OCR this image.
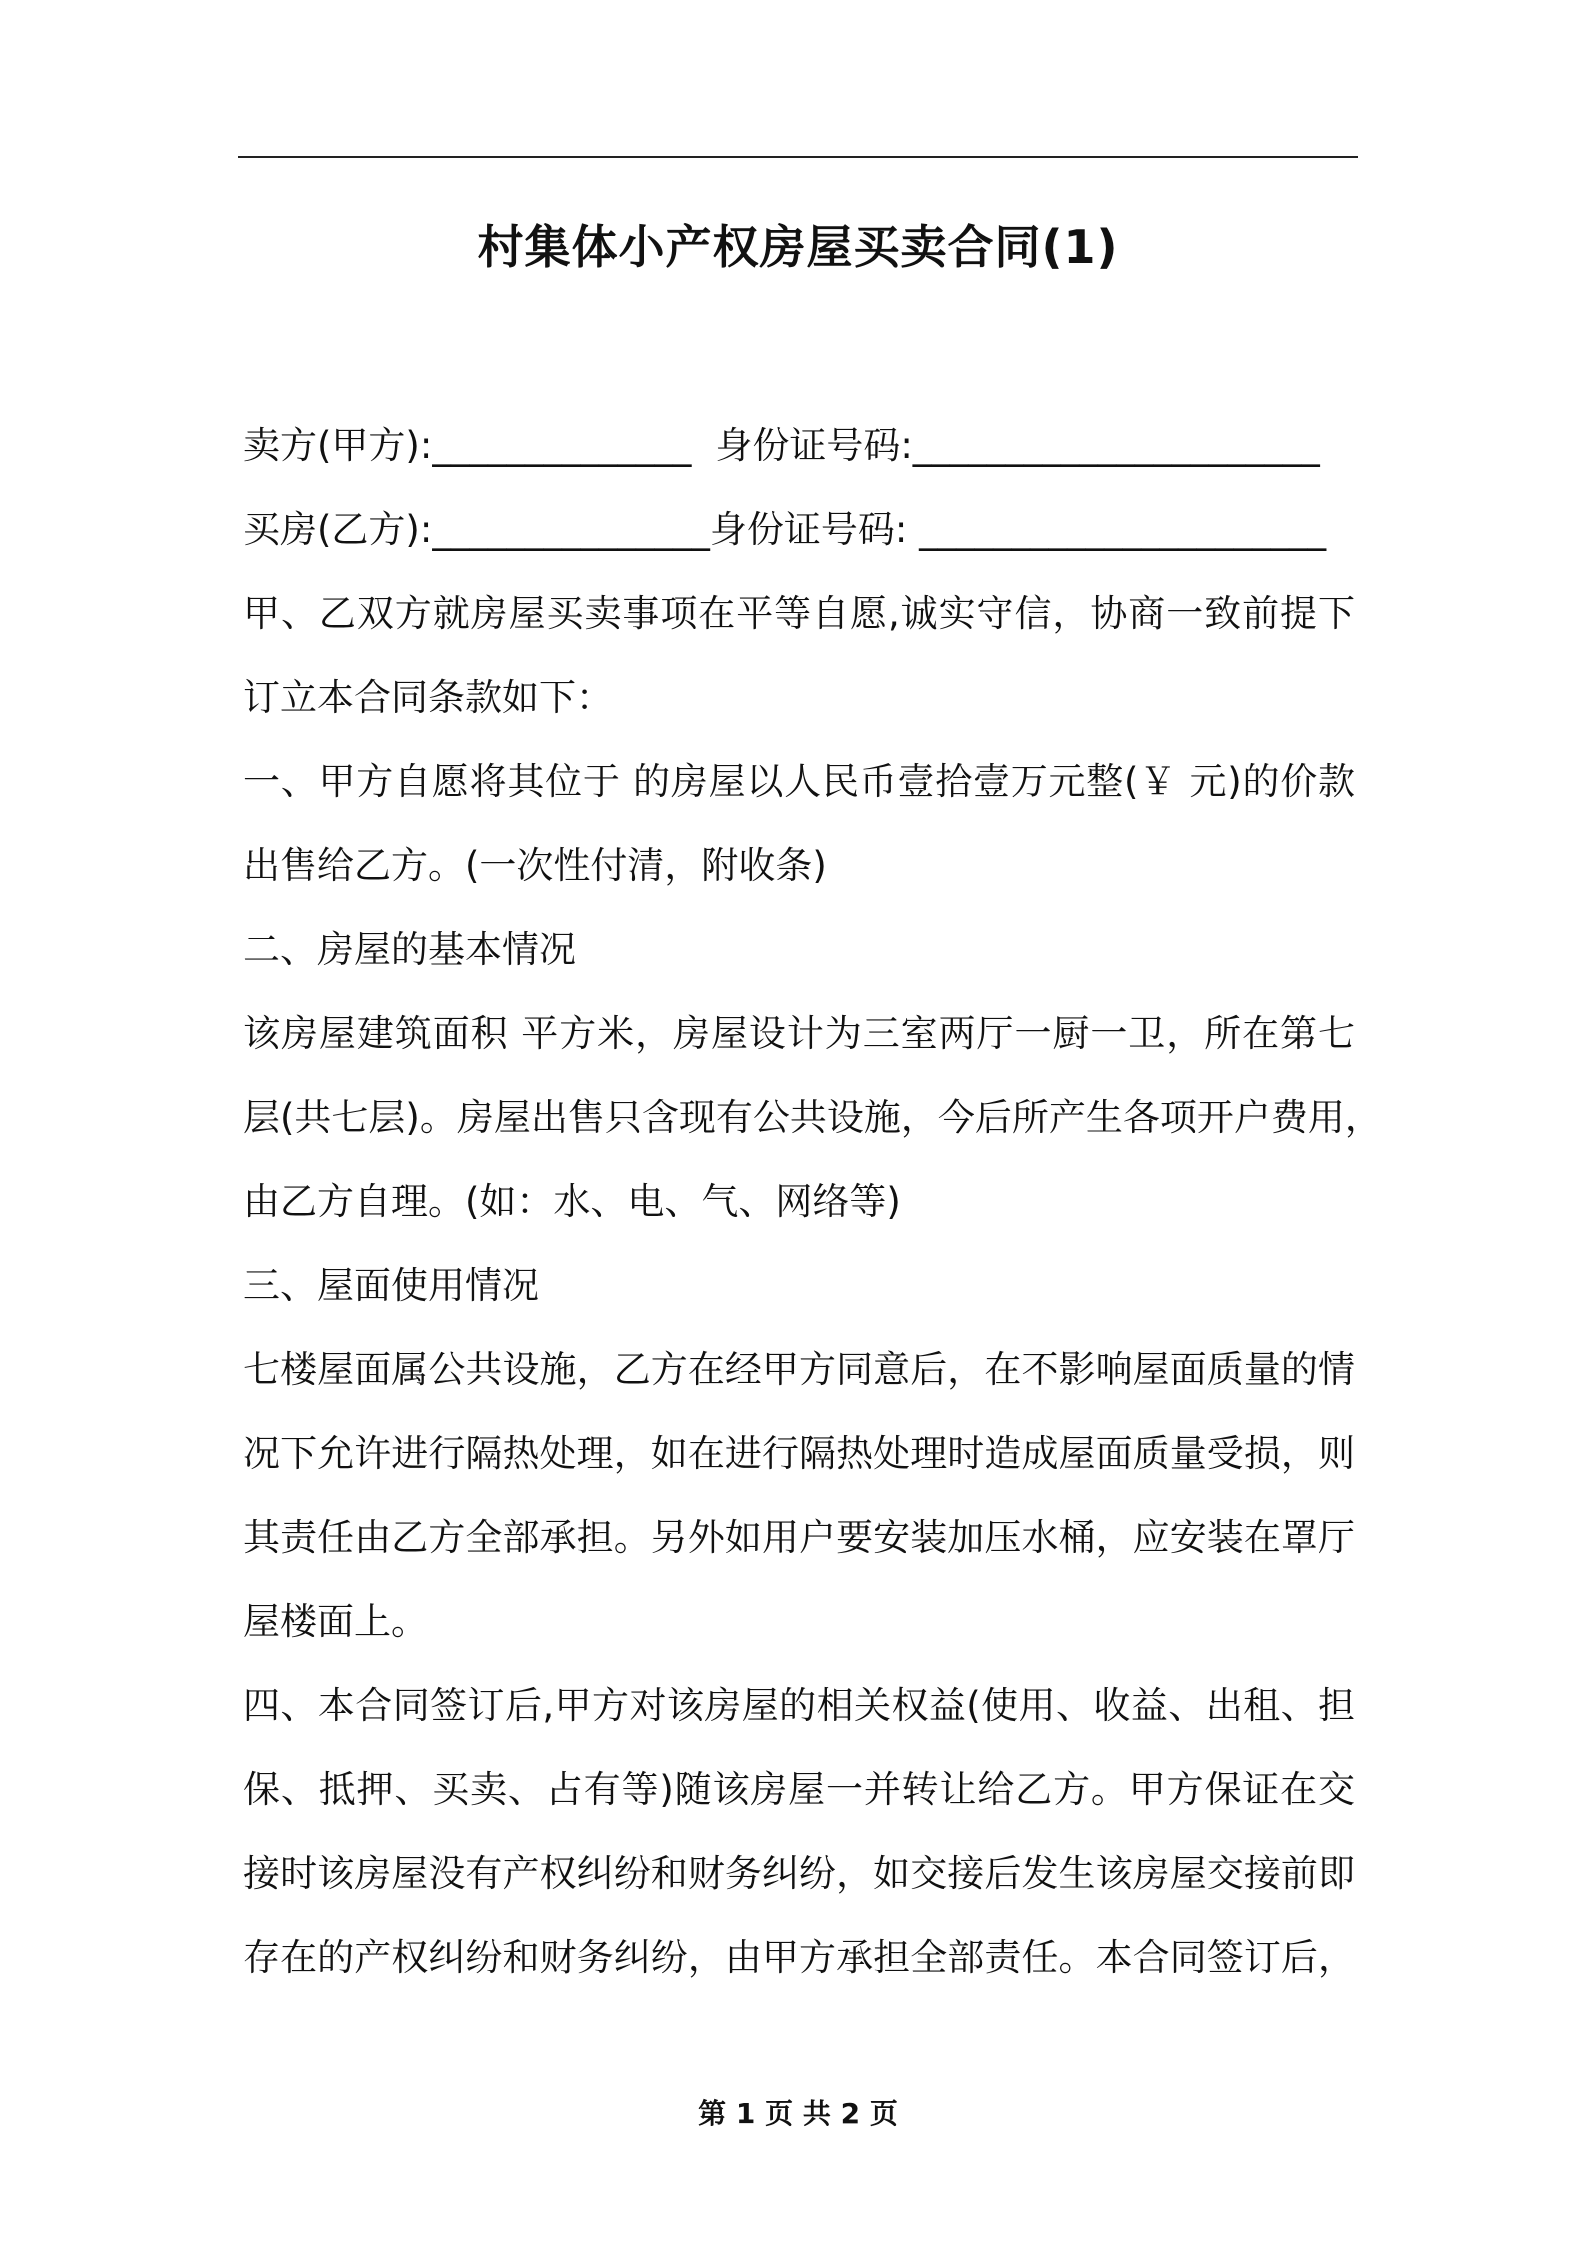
村集体小产权房屋买卖合同(1)
卖方(甲方):______________ 身份证号码:______________________
买房(乙方):_______________身份证号码: ______________________
甲、乙双方就房屋买卖事项在平等自愿,诚实守信，协商一致前提下
订立本合同条款如下：
一、甲方自愿将其位于 的房屋以人民币壹拾壹万元整(￥ 元)的价款
出售给乙方。(一次性付清，附收条)
二、房屋的基本情况
该房屋建筑面积 平方米，房屋设计为三室两厅一厨一卫，所在第七
层(共七层)。房屋出售只含现有公共设施，今后所产生各项开户费用，
由乙方自理。(如：水、电、气、网络等)
三、屋面使用情况
七楼屋面属公共设施，乙方在经甲方同意后，在不影响屋面质量的情
况下允许进行隔热处理，如在进行隔热处理时造成屋面质量受损，则
其责任由乙方全部承担。另外如用户要安装加压水桶，应安装在罩厅
屋楼面上。
四、本合同签订后,甲方对该房屋的相关权益(使用、收益、出租、担
保、抵押、买卖、占有等)随该房屋一并转让给乙方。甲方保证在交
接时该房屋没有产权纠纷和财务纠纷，如交接后发生该房屋交接前即
存在的产权纠纷和财务纠纷，由甲方承担全部责任。本合同签订后，
第 1 页 共 2 页
